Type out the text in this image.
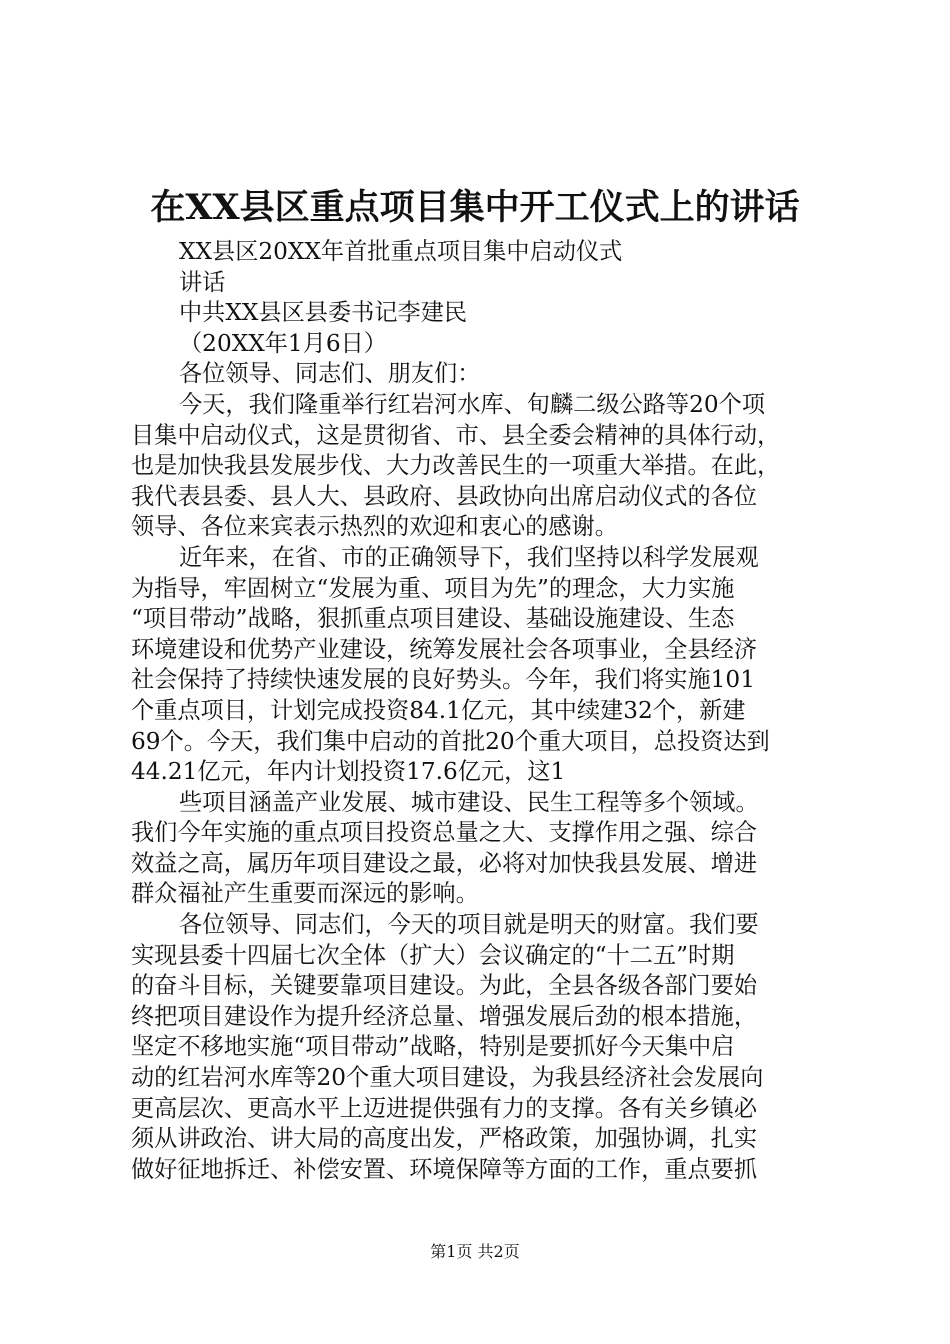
在XX县区重点项目集中开工仪式上的讲话
XX县区20XX年首批重点项目集中启动仪式
讲话
中共XX县区县委书记李建民
（20XX年1月6日）
各位领导、同志们、朋友们：
今天，我们隆重举行红岩河水库、旬麟二级公路等20个项
目集中启动仪式，这是贯彻省、市、县全委会精神的具体行动，
也是加快我县发展步伐、大力改善民生的一项重大举措。在此，
我代表县委、县人大、县政府、县政协向出席启动仪式的各位
领导、各位来宾表示热烈的欢迎和衷心的感谢。
近年来，在省、市的正确领导下，我们坚持以科学发展观
为指导，牢固树立“发展为重、项目为先”的理念，大力实施
“项目带动”战略，狠抓重点项目建设、基础设施建设、生态
环境建设和优势产业建设，统筹发展社会各项事业，全县经济
社会保持了持续快速发展的良好势头。今年，我们将实施101
个重点项目，计划完成投资84.1亿元，其中续建32个，新建
69个。今天，我们集中启动的首批20个重大项目，总投资达到
44.21亿元，年内计划投资17.6亿元，这1
些项目涵盖产业发展、城市建设、民生工程等多个领域。
我们今年实施的重点项目投资总量之大、支撑作用之强、综合
效益之高，属历年项目建设之最，必将对加快我县发展、增进
群众福祉产生重要而深远的影响。
各位领导、同志们，今天的项目就是明天的财富。我们要
实现县委十四届七次全体（扩大）会议确定的“十二五”时期
的奋斗目标，关键要靠项目建设。为此，全县各级各部门要始
终把项目建设作为提升经济总量、增强发展后劲的根本措施，
坚定不移地实施“项目带动”战略，特别是要抓好今天集中启
动的红岩河水库等20个重大项目建设，为我县经济社会发展向
更高层次、更高水平上迈进提供强有力的支撑。各有关乡镇必
须从讲政治、讲大局的高度出发，严格政策，加强协调，扎实
做好征地拆迁、补偿安置、环境保障等方面的工作，重点要抓
第1页 共2页
